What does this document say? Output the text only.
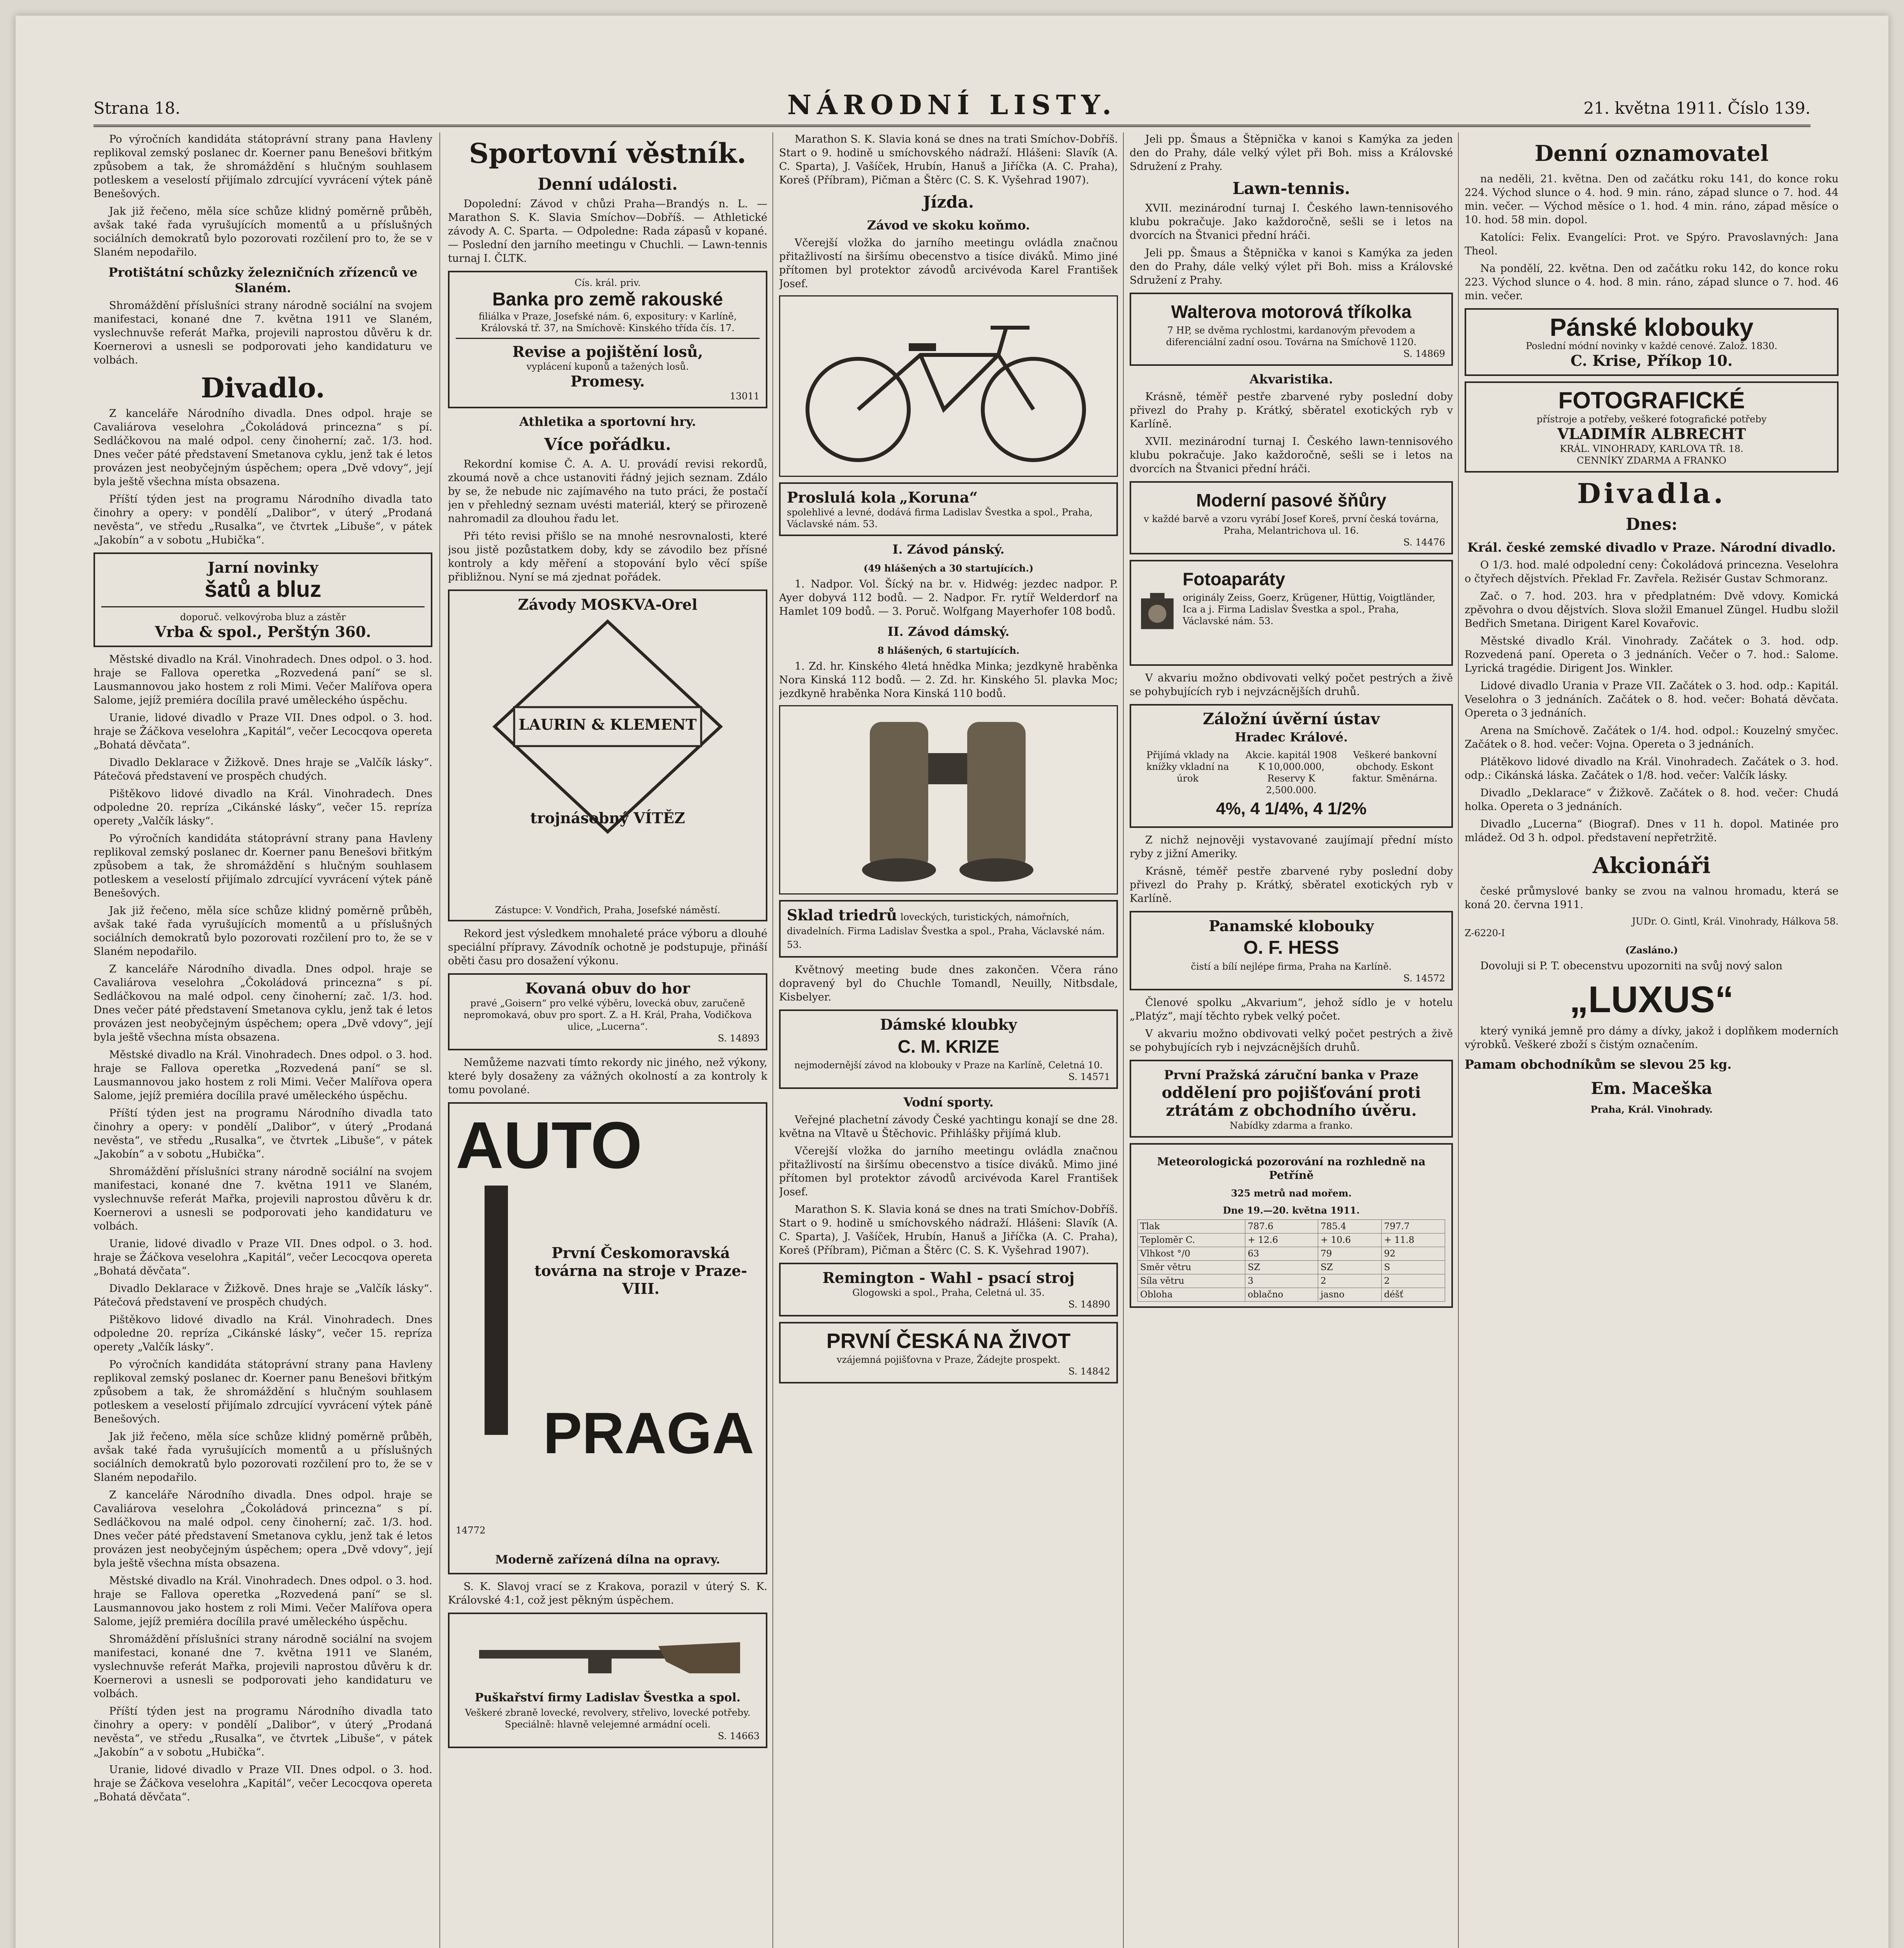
Strana 18.	NÁRODNÍ LISTY.	21. května 1911. Číslo 139.

Po výročních kandidáta státoprávní strany pana Havleny replikoval zemský poslanec dr. Koerner panu Benešovi břitkým způsobem a tak, že shromáždění s hlučným souhlasem potleskem a veselostí přijímalo zdrcující vyvrácení výtek páně Benešových.

Jak již řečeno, měla síce schůze klidný poměrně průběh, avšak také řada vyrušujících momentů a u příslušných sociálních demokratů bylo pozorovati rozčilení pro to, že se v Slaném nepodařilo.

Protištátní schůzky železničních zřízenců ve Slaném.

Shromáždění příslušníci strany národně sociální na svojem manifestaci, konané dne 7. května 1911 ve Slaném, vyslechnuvše referát Mařka, projevili naprostou důvěru k dr. Koernerovi a usnesli se podporovati jeho kandidaturu ve volbách.

Divadlo.

Z kanceláře Národního divadla. Dnes odpol. hraje se Cavaliárova veselohra „Čokoládová princezna“ s pí. Sedláčkovou na malé odpol. ceny činoherní; zač. 1/3. hod. Dnes večer páté představení Smetanova cyklu, jenž tak é letos provázen jest neobyčejným úspěchem; opera „Dvě vdovy“, její byla ještě všechna místa obsazena.

Příští týden jest na programu Národního divadla tato činohry a opery: v pondělí „Dalibor“, v úterý „Prodaná nevěsta“, ve středu „Rusalka“, ve čtvrtek „Libuše“, v pátek „Jakobín“ a v sobotu „Hubička“.

Jarní novinky
šatů a bluz
doporuč. velkovýroba bluz a zástěr
Vrba & spol., Perštýn 360.

Městské divadlo na Král. Vinohradech. Dnes odpol. o 3. hod. hraje se Fallova operetka „Rozvedená paní“ se sl. Lausmannovou jako hostem z roli Mimi. Večer Malířova opera Salome, jejíž premiéra docílila pravé uměleckého úspěchu.

Uranie, lidové divadlo v Praze VII. Dnes odpol. o 3. hod. hraje se Žáčkova veselohra „Kapitál“, večer Lecocqova opereta „Bohatá děvčata“.

Divadlo Deklarace v Žižkově. Dnes hraje se „Valčík lásky“. Pátečová představení ve prospěch chudých.

Pištěkovo lidové divadlo na Král. Vinohradech. Dnes odpoledne 20. repríza „Cikánské lásky“, večer 15. repríza operety „Valčík lásky“.

Po výročních kandidáta státoprávní strany pana Havleny replikoval zemský poslanec dr. Koerner panu Benešovi břitkým způsobem a tak, že shromáždění s hlučným souhlasem potleskem a veselostí přijímalo zdrcující vyvrácení výtek páně Benešových.

Jak již řečeno, měla síce schůze klidný poměrně průběh, avšak také řada vyrušujících momentů a u příslušných sociálních demokratů bylo pozorovati rozčilení pro to, že se v Slaném nepodařilo.

Z kanceláře Národního divadla. Dnes odpol. hraje se Cavaliárova veselohra „Čokoládová princezna“ s pí. Sedláčkovou na malé odpol. ceny činoherní; zač. 1/3. hod. Dnes večer páté představení Smetanova cyklu, jenž tak é letos provázen jest neobyčejným úspěchem; opera „Dvě vdovy“, její byla ještě všechna místa obsazena.

Městské divadlo na Král. Vinohradech. Dnes odpol. o 3. hod. hraje se Fallova operetka „Rozvedená paní“ se sl. Lausmannovou jako hostem z roli Mimi. Večer Malířova opera Salome, jejíž premiéra docílila pravé uměleckého úspěchu.

Příští týden jest na programu Národního divadla tato činohry a opery: v pondělí „Dalibor“, v úterý „Prodaná nevěsta“, ve středu „Rusalka“, ve čtvrtek „Libuše“, v pátek „Jakobín“ a v sobotu „Hubička“.

Shromáždění příslušníci strany národně sociální na svojem manifestaci, konané dne 7. května 1911 ve Slaném, vyslechnuvše referát Mařka, projevili naprostou důvěru k dr. Koernerovi a usnesli se podporovati jeho kandidaturu ve volbách.

Uranie, lidové divadlo v Praze VII. Dnes odpol. o 3. hod. hraje se Žáčkova veselohra „Kapitál“, večer Lecocqova opereta „Bohatá děvčata“.

Divadlo Deklarace v Žižkově. Dnes hraje se „Valčík lásky“. Pátečová představení ve prospěch chudých.

Pištěkovo lidové divadlo na Král. Vinohradech. Dnes odpoledne 20. repríza „Cikánské lásky“, večer 15. repríza operety „Valčík lásky“.

Po výročních kandidáta státoprávní strany pana Havleny replikoval zemský poslanec dr. Koerner panu Benešovi břitkým způsobem a tak, že shromáždění s hlučným souhlasem potleskem a veselostí přijímalo zdrcující vyvrácení výtek páně Benešových.

Jak již řečeno, měla síce schůze klidný poměrně průběh, avšak také řada vyrušujících momentů a u příslušných sociálních demokratů bylo pozorovati rozčilení pro to, že se v Slaném nepodařilo.

Z kanceláře Národního divadla. Dnes odpol. hraje se Cavaliárova veselohra „Čokoládová princezna“ s pí. Sedláčkovou na malé odpol. ceny činoherní; zač. 1/3. hod. Dnes večer páté představení Smetanova cyklu, jenž tak é letos provázen jest neobyčejným úspěchem; opera „Dvě vdovy“, její byla ještě všechna místa obsazena.

Městské divadlo na Král. Vinohradech. Dnes odpol. o 3. hod. hraje se Fallova operetka „Rozvedená paní“ se sl. Lausmannovou jako hostem z roli Mimi. Večer Malířova opera Salome, jejíž premiéra docílila pravé uměleckého úspěchu.

Shromáždění příslušníci strany národně sociální na svojem manifestaci, konané dne 7. května 1911 ve Slaném, vyslechnuvše referát Mařka, projevili naprostou důvěru k dr. Koernerovi a usnesli se podporovati jeho kandidaturu ve volbách.

Příští týden jest na programu Národního divadla tato činohry a opery: v pondělí „Dalibor“, v úterý „Prodaná nevěsta“, ve středu „Rusalka“, ve čtvrtek „Libuše“, v pátek „Jakobín“ a v sobotu „Hubička“.

Uranie, lidové divadlo v Praze VII. Dnes odpol. o 3. hod. hraje se Žáčkova veselohra „Kapitál“, večer Lecocqova opereta „Bohatá děvčata“.

Sportovní věstník.
Denní události.

Dopolední: Závod v chůzi Praha—Brandýs n. L. — Marathon S. K. Slavia Smíchov—Dobříš. — Athletické závody A. C. Sparta. — Odpoledne: Rada zápasů v kopané. — Poslední den jarního meetingu v Chuchli. — Lawn-tennis turnaj I. ČLTK.

Cís. král. priv.
Banka pro země rakouské
filiálka v Praze, Josefské nám. 6, expositury: v Karlíně, Královská tř. 37, na Smíchově: Kinského třída čís. 17.
Revise a pojištění losů,
vyplácení kuponů a tažených losů.
Promesy.
13011
Athletika a sportovní hry.
Více pořádku.

Rekordní komise Č. A. A. U. provádí revisi rekordů, zkoumá nově a chce ustanoviti řádný jejich seznam. Zdálo by se, že nebude nic zajímavého na tuto práci, že postačí jen v přehledný seznam uvésti materiál, který se přirozeně nahromadil za dlouhou řadu let.

Při této revisi přišlo se na mnohé nesrovnalosti, které jsou jistě pozůstatkem doby, kdy se závodilo bez přísné kontroly a kdy měření a stopování bylo věcí spíše přibližnou. Nyní se má zjednat pořádek.

Závody MOSKVA-Orel
LAURIN & KLEMENT
trojnásobný VÍTĚZ
Zástupce: V. Vondřich, Praha, Josefské náměstí.

Rekord jest výsledkem mnohaleté práce výboru a dlouhé speciální přípravy. Závodník ochotně je podstupuje, přináší oběti času pro dosažení výkonu.

Kovaná obuv do hor
pravé „Goisern“ pro velké výběru, lovecká obuv, zaručeně nepromokavá, obuv pro sport. Z. a H. Král, Praha, Vodičkova ulice, „Lucerna“.
S. 14893

Nemůžeme nazvati tímto rekordy nic jiného, než výkony, které byly dosaženy za vážných okolností a za kontroly k tomu povolané.

AUTO
První Českomoravská továrna na stroje v Praze-VIII.
PRAGA
14772
Moderně zařízená dílna na opravy.

S. K. Slavoj vrací se z Krakova, porazil v úterý S. K. Královské 4:1, což jest pěkným úspěchem.

Puškařství firmy Ladislav Švestka a spol.
Veškeré zbraně lovecké, revolvery, střelivo, lovecké potřeby. Speciálně: hlavně velejemné armádní oceli.
S. 14663

Marathon S. K. Slavia koná se dnes na trati Smíchov-Dobříš. Start o 9. hodině u smíchovského nádraží. Hlášeni: Slavík (A. C. Sparta), J. Vašíček, Hrubín, Hanuš a Jiříčka (A. C. Praha), Koreš (Příbram), Pičman a Štěrc (C. S. K. Vyšehrad 1907).

Jízda.
Závod ve skoku koňmo.

Včerejší vložka do jarního meetingu ovládla značnou přitažlivostí na širšímu obecenstvo a tisíce diváků. Mimo jiné přítomen byl protektor závodů arcivévoda Karel František Josef.

Proslulá kola „Koruna“
spolehlivé a levné, dodává firma Ladislav Švestka a spol., Praha, Václavské nám. 53.
I. Závod pánský.
(49 hlášených a 30 startujících.)

1. Nadpor. Vol. Šícký na br. v. Hidwég: jezdec nadpor. P. Ayer dobyvá 112 bodů. — 2. Nadpor. Fr. rytíř Welderdorf na Hamlet 109 bodů. — 3. Poruč. Wolfgang Mayerhofer 108 bodů.

II. Závod dámský.
8 hlášených, 6 startujících.

1. Zd. hr. Kinského 4letá hnědka Minka; jezdkyně hraběnka Nora Kinská 112 bodů. — 2. Zd. hr. Kinského 5l. plavka Moc; jezdkyně hraběnka Nora Kinská 110 bodů.

Sklad triedrů loveckých, turistických, námořních, divadelních. Firma Ladislav Švestka a spol., Praha, Václavské nám. 53.

Květnový meeting bude dnes zakončen. Včera ráno dopravený byl do Chuchle Tomandl, Neuilly, Nitbsdale, Kisbelyer.

Dámské kloubky
C. M. KRIZE
nejmodernější závod na klobouky v Praze na Karlíně, Celetná 10.
S. 14571
Vodní sporty.

Veřejné plachetní závody České yachtingu konají se dne 28. května na Vltavě u Štěchovic. Přihlášky přijímá klub.

Včerejší vložka do jarního meetingu ovládla značnou přitažlivostí na širšímu obecenstvo a tisíce diváků. Mimo jiné přítomen byl protektor závodů arcivévoda Karel František Josef.

Marathon S. K. Slavia koná se dnes na trati Smíchov-Dobříš. Start o 9. hodině u smíchovského nádraží. Hlášeni: Slavík (A. C. Sparta), J. Vašíček, Hrubín, Hanuš a Jiříčka (A. C. Praha), Koreš (Příbram), Pičman a Štěrc (C. S. K. Vyšehrad 1907).

Remington - Wahl - psací stroj
Glogowski a spol., Praha, Celetná ul. 35.
S. 14890
PRVNÍ ČESKÁ NA ŽIVOT
vzájemná pojišťovna v Praze, Žádejte prospekt.
S. 14842

Jeli pp. Šmaus a Štěpnička v kanoi s Kamýka za jeden den do Prahy, dále velký výlet při Boh. miss a Královské Sdružení z Prahy.

Lawn-tennis.

XVII. mezinárodní turnaj I. Českého lawn-tennisového klubu pokračuje. Jako každoročně, sešli se i letos na dvorcích na Štvanici přední hráči.

Jeli pp. Šmaus a Štěpnička v kanoi s Kamýka za jeden den do Prahy, dále velký výlet při Boh. miss a Královské Sdružení z Prahy.

Walterova motorová tříkolka
7 HP, se dvěma rychlostmi, kardanovým převodem a diferenciální zadní osou. Továrna na Smíchově 1120.
S. 14869
Akvaristika.

Krásně, téměř pestře zbarvené ryby poslední doby přivezl do Prahy p. Krátký, sběratel exotických ryb v Karlíně.

XVII. mezinárodní turnaj I. Českého lawn-tennisového klubu pokračuje. Jako každoročně, sešli se i letos na dvorcích na Štvanici přední hráči.

Moderní pasové šňůry
v každé barvě a vzoru vyrábí Josef Koreš, první česká továrna, Praha, Melantrichova ul. 16.
S. 14476
Fotoaparáty
originály Zeiss, Goerz, Krügener, Hüttig, Voigtländer, Ica a j. Firma Ladislav Švestka a spol., Praha, Václavské nám. 53.

V akvariu možno obdivovati velký počet pestrých a živě se pohybujících ryb i nejvzácnějších druhů.

Záložní úvěrní ústav
Hradec Králové.
Přijímá vklady na knížky vkladní na úrok
Akcie. kapitál 1908 K 10,000.000, Reservy K 2,500.000.
Veškeré bankovní obchody. Eskont faktur. Směnárna.
4%, 4 1/4%, 4 1/2%

Z nichž nejnověji vystavované zaujímají přední místo ryby z jižní Ameriky.

Krásně, téměř pestře zbarvené ryby poslední doby přivezl do Prahy p. Krátký, sběratel exotických ryb v Karlíně.

Panamské klobouky
O. F. HESS
čistí a bílí nejlépe firma, Praha na Karlíně.
S. 14572

Členové spolku „Akvarium“, jehož sídlo je v hotelu „Platýz“, mají těchto rybek velký počet.

V akvariu možno obdivovati velký počet pestrých a živě se pohybujících ryb i nejvzácnějších druhů.

První Pražská záruční banka v Praze
oddělení pro pojišťování proti ztrátám z obchodního úvěru.
Nabídky zdarma a franko.
Meteorologická pozorování na rozhledně na Petříně
325 metrů nad mořem.
Dne 19.—20. května 1911.
Tlak	787.6	785.4	797.7
Teploměr C.	+ 12.6	+ 10.6	+ 11.8
Vlhkost °/0	63	79	92
Směr větru	SZ	SZ	S
Síla větru	3	2	2
Obloha	oblačno	jasno	déšť
Denní oznamovatel

na neděli, 21. května. Den od začátku roku 141, do konce roku 224. Východ slunce o 4. hod. 9 min. ráno, západ slunce o 7. hod. 44 min. večer. — Východ měsíce o 1. hod. 4 min. ráno, západ měsíce o 10. hod. 58 min. dopol.

Katolíci: Felix. Evangelíci: Prot. ve Spýro. Pravoslavných: Jana Theol.

Na pondělí, 22. května. Den od začátku roku 142, do konce roku 223. Východ slunce o 4. hod. 8 min. ráno, západ slunce o 7. hod. 46 min. večer.

Pánské klobouky
Poslední módní novinky v každé cenové. Založ. 1830.
C. Krise, Příkop 10.
FOTOGRAFICKÉ
přístroje a potřeby, veškeré fotografické potřeby
VLADIMÍR ALBRECHT
KRÁL. VINOHRADY, KARLOVA TŘ. 18.
CENNÍKY ZDARMA A FRANKO
Divadla.
Dnes:
Král. české zemské divadlo v Praze. Národní divadlo.

O 1/3. hod. malé odpolední ceny: Čokoládová princezna. Veselohra o čtyřech dějstvích. Překlad Fr. Zavřela. Režisér Gustav Schmoranz.

Zač. o 7. hod. 203. hra v předplatném: Dvě vdovy. Komická zpěvohra o dvou dějstvích. Slova složil Emanuel Züngel. Hudbu složil Bedřich Smetana. Dirigent Karel Kovařovic.

Městské divadlo Král. Vinohrady. Začátek o 3. hod. odp. Rozvedená paní. Opereta o 3 jednáních. Večer o 7. hod.: Salome. Lyrická tragédie. Dirigent Jos. Winkler.

Lidové divadlo Urania v Praze VII. Začátek o 3. hod. odp.: Kapitál. Veselohra o 3 jednáních. Začátek o 8. hod. večer: Bohatá děvčata. Opereta o 3 jednáních.

Arena na Smíchově. Začátek o 1/4. hod. odpol.: Kouzelný smyčec. Začátek o 8. hod. večer: Vojna. Opereta o 3 jednáních.

Plátěkovo lidové divadlo na Král. Vinohradech. Začátek o 3. hod. odp.: Cikánská láska. Začátek o 1/8. hod. večer: Valčík lásky.

Divadlo „Deklarace“ v Žižkově. Začátek o 8. hod. večer: Chudá holka. Opereta o 3 jednáních.

Divadlo „Lucerna“ (Biograf). Dnes v 11 h. dopol. Matinée pro mládež. Od 3 h. odpol. představení nepřetržitě.

Akcionáři

české průmyslové banky se zvou na valnou hromadu, která se koná 20. června 1911.

JUDr. O. Gintl, Král. Vinohrady, Hálkova 58.
Z-6220-I
(Zasláno.)

Dovoluji si P. T. obecenstvu upozorniti na svůj nový salon

„LUXUS“

který vyniká jemně pro dámy a dívky, jakož i doplňkem moderních výrobků. Veškeré zboží s čistým označením.

Pamam obchodníkům se slevou 25 kg.

Em. Maceška
Praha, Král. Vinohrady.
